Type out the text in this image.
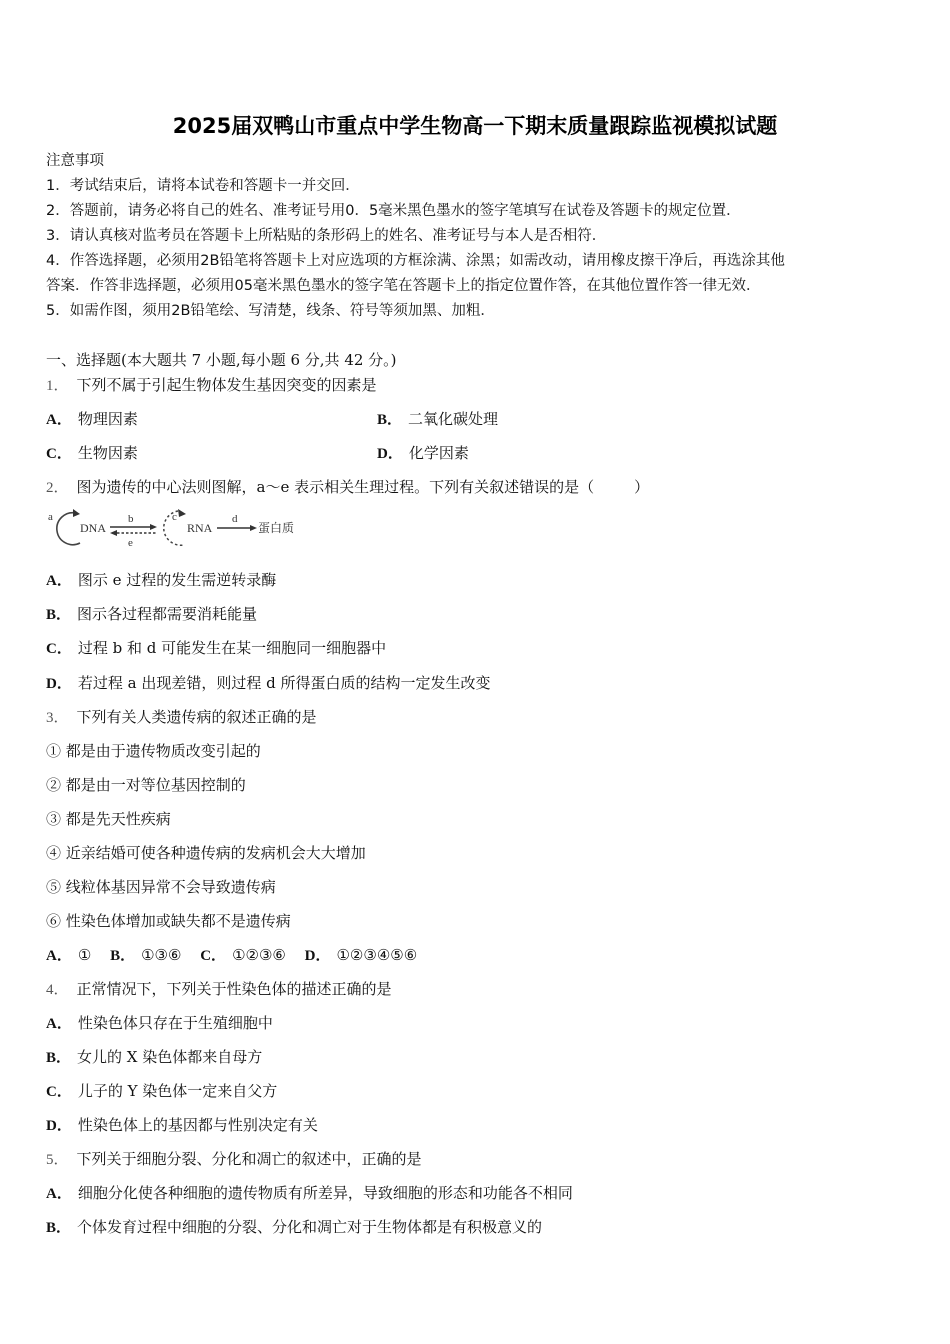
2025届双鸭山市重点中学生物高一下期末质量跟踪监视模拟试题
注意事项
1．考试结束后，请将本试卷和答题卡一并交回．
2．答题前，请务必将自己的姓名、准考证号用0．5毫米黑色墨水的签字笔填写在试卷及答题卡的规定位置．
3．请认真核对监考员在答题卡上所粘贴的条形码上的姓名、准考证号与本人是否相符．
4．作答选择题，必须用2B铅笔将答题卡上对应选项的方框涂满、涂黑；如需改动，请用橡皮擦干净后，再选涂其他
答案．作答非选择题，必须用05毫米黑色墨水的签字笔在答题卡上的指定位置作答，在其他位置作答一律无效．
5．如需作图，须用2B铅笔绘、写清楚，线条、符号等须加黑、加粗．
一、选择题(本大题共 7 小题,每小题 6 分,共 42 分。)
1． 下列不属于引起生物体发生基因突变的因素是
A． 物理因素	B． 二氧化碳处理
C． 生物因素	D． 化学因素
2． 图为遗传的中心法则图解，a～e 表示相关生理过程。下列有关叙述错误的是（	）
a
DNA
b
e
c
RNA
d
蛋白质
A． 图示 e 过程的发生需逆转录酶
B． 图示各过程都需要消耗能量
C． 过程 b 和 d 可能发生在某一细胞同一细胞器中
D． 若过程 a 出现差错，则过程 d 所得蛋白质的结构一定发生改变
3． 下列有关人类遗传病的叙述正确的是
① 都是由于遗传物质改变引起的
② 都是由一对等位基因控制的
③ 都是先天性疾病
④ 近亲结婚可使各种遗传病的发病机会大大增加
⑤ 线粒体基因异常不会导致遗传病
⑥ 性染色体增加或缺失都不是遗传病
A． ① B． ①③⑥ C． ①②③⑥ D． ①②③④⑤⑥
4． 正常情况下，下列关于性染色体的描述正确的是
A． 性染色体只存在于生殖细胞中
B． 女儿的 X 染色体都来自母方
C． 儿子的 Y 染色体一定来自父方
D． 性染色体上的基因都与性别决定有关
5． 下列关于细胞分裂、分化和凋亡的叙述中，正确的是
A． 细胞分化使各种细胞的遗传物质有所差异，导致细胞的形态和功能各不相同
B． 个体发育过程中细胞的分裂、分化和凋亡对于生物体都是有积极意义的
